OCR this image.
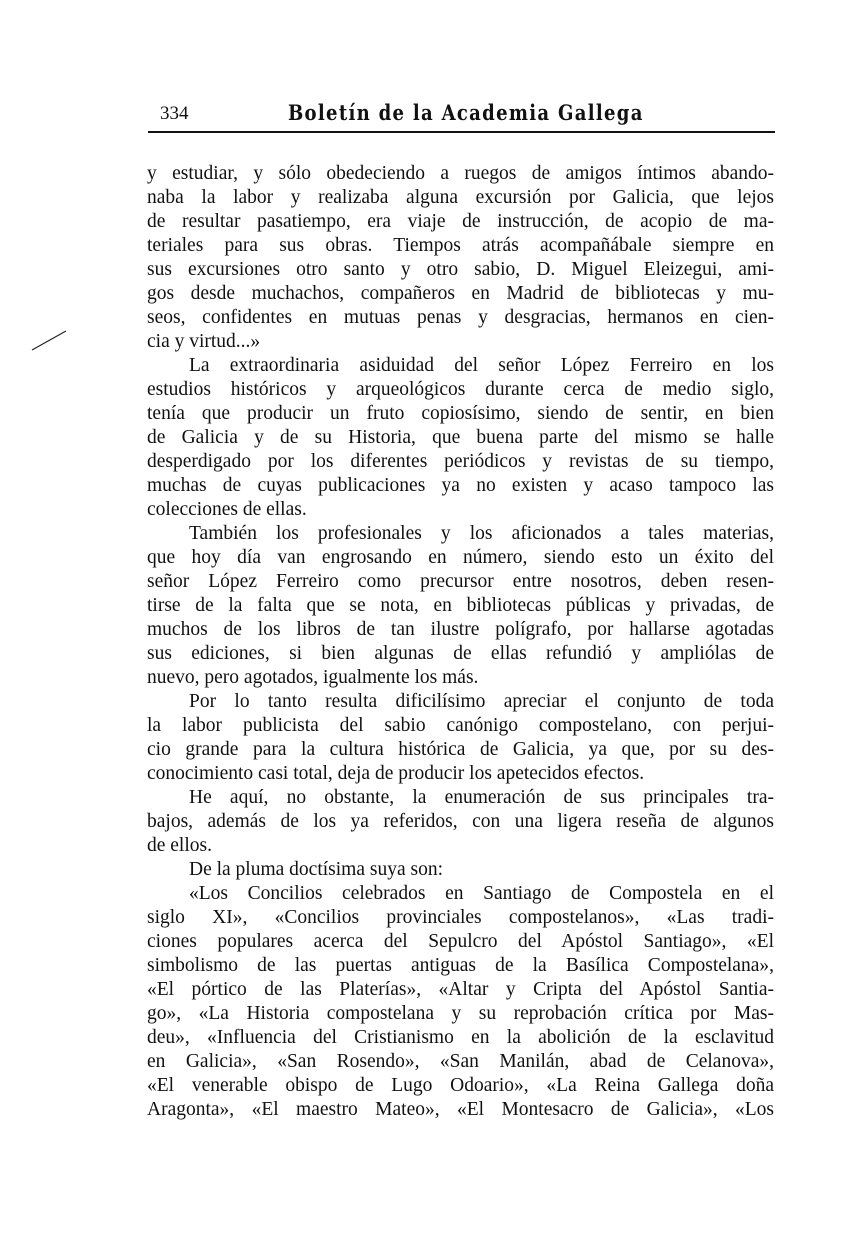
334	Boletín de la Academia Gallega
y estudiar, y sólo obedeciendo a ruegos de amigos íntimos abando-
naba la labor y realizaba alguna excursión por Galicia, que lejos
de resultar pasatiempo, era viaje de instrucción, de acopio de ma-
teriales para sus obras. Tiempos atrás acompañábale siempre en
sus excursiones otro santo y otro sabio, D. Miguel Eleizegui, ami-
gos desde muchachos, compañeros en Madrid de bibliotecas y mu-
seos, confidentes en mutuas penas y desgracias, hermanos en cien-
cia y virtud...»
La extraordinaria asiduidad del señor López Ferreiro en los
estudios históricos y arqueológicos durante cerca de medio siglo,
tenía que producir un fruto copiosísimo, siendo de sentir, en bien
de Galicia y de su Historia, que buena parte del mismo se halle
desperdigado por los diferentes periódicos y revistas de su tiempo,
muchas de cuyas publicaciones ya no existen y acaso tampoco las
colecciones de ellas.
También los profesionales y los aficionados a tales materias,
que hoy día van engrosando en número, siendo esto un éxito del
señor López Ferreiro como precursor entre nosotros, deben resen-
tirse de la falta que se nota, en bibliotecas públicas y privadas, de
muchos de los libros de tan ilustre polígrafo, por hallarse agotadas
sus ediciones, si bien algunas de ellas refundió y ampliólas de
nuevo, pero agotados, igualmente los más.
Por lo tanto resulta dificilísimo apreciar el conjunto de toda
la labor publicista del sabio canónigo compostelano, con perjui-
cio grande para la cultura histórica de Galicia, ya que, por su des-
conocimiento casi total, deja de producir los apetecidos efectos.
He aquí, no obstante, la enumeración de sus principales tra-
bajos, además de los ya referidos, con una ligera reseña de algunos
de ellos.
De la pluma doctísima suya son:
«Los Concilios celebrados en Santiago de Compostela en el
siglo XI», «Concilios provinciales compostelanos», «Las tradi-
ciones populares acerca del Sepulcro del Apóstol Santiago», «El
simbolismo de las puertas antiguas de la Basílica Compostelana»,
«El pórtico de las Platerías», «Altar y Cripta del Apóstol Santia-
go», «La Historia compostelana y su reprobación crítica por Mas-
deu», «Influencia del Cristianismo en la abolición de la esclavitud
en Galicia», «San Rosendo», «San Manilán, abad de Celanova»,
«El venerable obispo de Lugo Odoario», «La Reina Gallega doña
Aragonta», «El maestro Mateo», «El Montesacro de Galicia», «Los
